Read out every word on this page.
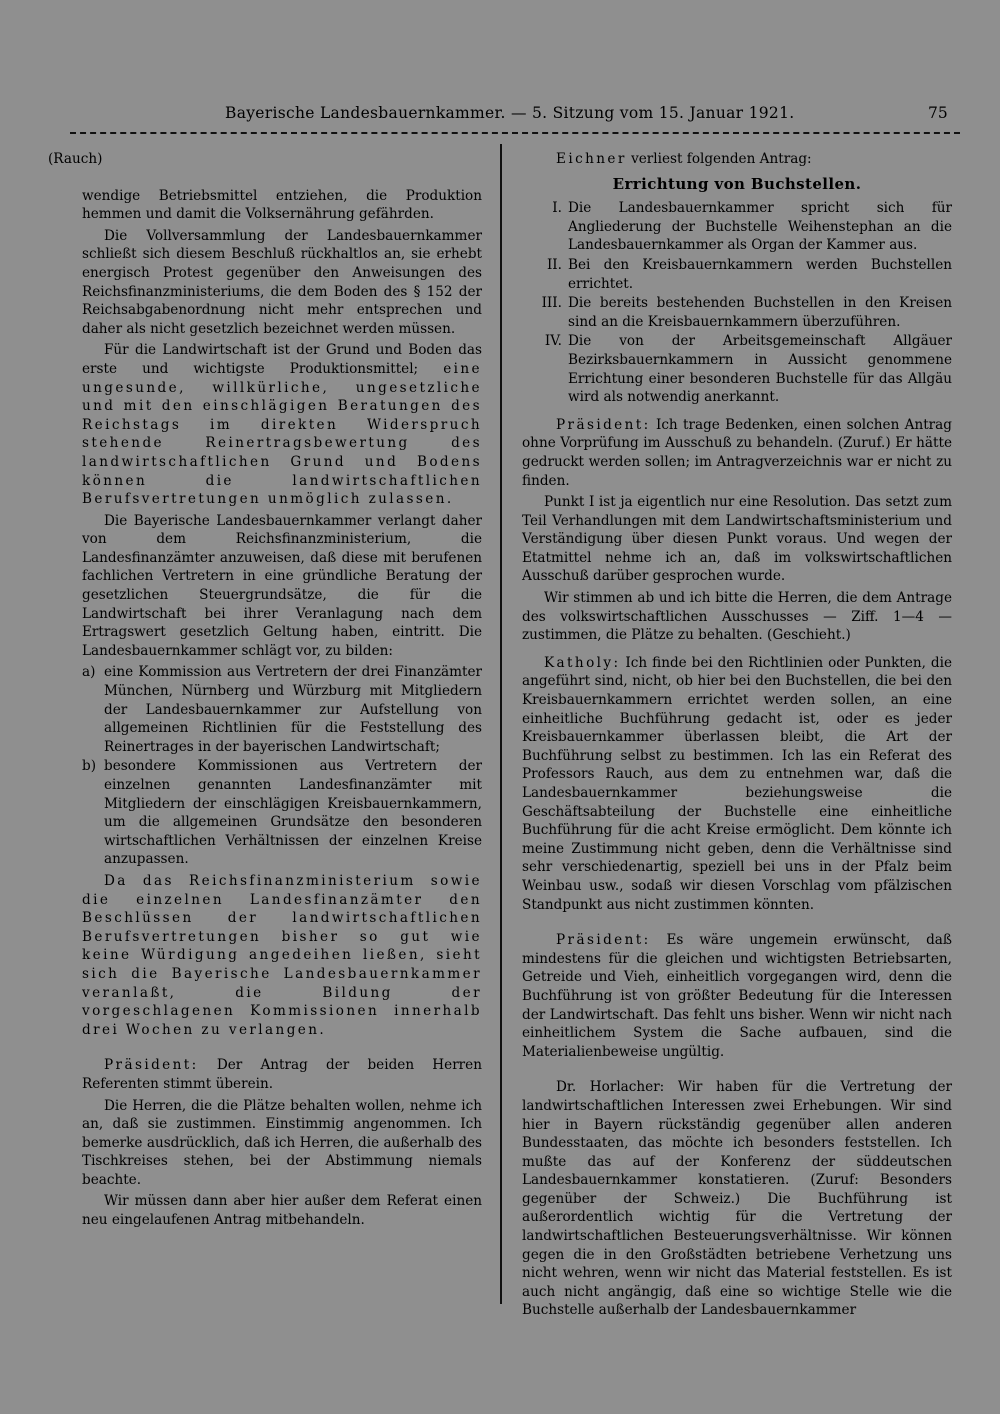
Bayerische Landesbauernkammer. — 5. Sitzung vom 15. Januar 1921.	75

(Rauch)

wendige Betriebsmittel entziehen, die Produktion hemmen und damit die Volksernährung gefährden.

Die Vollversammlung der Landesbauernkammer schließt sich diesem Beschluß rückhaltlos an, sie erhebt energisch Protest gegenüber den Anweisungen des Reichsfinanzministeriums, die dem Boden des § 152 der Reichsabgabenordnung nicht mehr entsprechen und daher als nicht gesetzlich bezeichnet werden müssen.

Für die Landwirtschaft ist der Grund und Boden das erste und wichtigste Produktionsmittel; eine ungesunde, willkürliche, ungesetzliche und mit den einschlägigen Beratungen des Reichstags im direkten Widerspruch stehende Reinertragsbewertung des landwirtschaftlichen Grund und Bodens können die landwirtschaftlichen Berufsvertretungen unmöglich zulassen.

Die Bayerische Landesbauernkammer verlangt daher von dem Reichsfinanzministerium, die Landesfinanzämter anzuweisen, daß diese mit berufenen fachlichen Vertretern in eine gründliche Beratung der gesetzlichen Steuergrundsätze, die für die Landwirtschaft bei ihrer Veranlagung nach dem Ertragswert gesetzlich Geltung haben, eintritt. Die Landesbauernkammer schlägt vor, zu bilden:

a) eine Kommission aus Vertretern der drei Finanzämter München, Nürnberg und Würzburg mit Mitgliedern der Landesbauernkammer zur Aufstellung von allgemeinen Richtlinien für die Feststellung des Reinertrages in der bayerischen Landwirtschaft;
b) besondere Kommissionen aus Vertretern der einzelnen genannten Landesfinanzämter mit Mitgliedern der einschlägigen Kreisbauernkammern, um die allgemeinen Grundsätze den besonderen wirtschaftlichen Verhältnissen der einzelnen Kreise anzupassen.

Da das Reichsfinanzministerium sowie die einzelnen Landesfinanzämter den Beschlüssen der landwirtschaftlichen Berufsvertretungen bisher so gut wie keine Würdigung angedeihen ließen, sieht sich die Bayerische Landesbauernkammer veranlaßt, die Bildung der vorgeschlagenen Kommissionen innerhalb drei Wochen zu verlangen.

Präsident: Der Antrag der beiden Herren Referenten stimmt überein.

Die Herren, die die Plätze behalten wollen, nehme ich an, daß sie zustimmen. Einstimmig angenommen. Ich bemerke ausdrücklich, daß ich Herren, die außerhalb des Tischkreises stehen, bei der Abstimmung niemals beachte.

Wir müssen dann aber hier außer dem Referat einen neu eingelaufenen Antrag mitbehandeln.

Eichner verliest folgenden Antrag:

Errichtung von Buchstellen.
I. Die Landesbauernkammer spricht sich für Angliederung der Buchstelle Weihenstephan an die Landesbauernkammer als Organ der Kammer aus.
II. Bei den Kreisbauernkammern werden Buchstellen errichtet.
III. Die bereits bestehenden Buchstellen in den Kreisen sind an die Kreisbauernkammern überzuführen.
IV. Die von der Arbeitsgemeinschaft Allgäuer Bezirksbauernkammern in Aussicht genommene Errichtung einer besonderen Buchstelle für das Allgäu wird als notwendig anerkannt.

Präsident: Ich trage Bedenken, einen solchen Antrag ohne Vorprüfung im Ausschuß zu behandeln. (Zuruf.) Er hätte gedruckt werden sollen; im Antragverzeichnis war er nicht zu finden.

Punkt I ist ja eigentlich nur eine Resolution. Das setzt zum Teil Verhandlungen mit dem Landwirtschaftsministerium und Verständigung über diesen Punkt voraus. Und wegen der Etatmittel nehme ich an, daß im volkswirtschaftlichen Ausschuß darüber gesprochen wurde.

Wir stimmen ab und ich bitte die Herren, die dem Antrage des volkswirtschaftlichen Ausschusses — Ziff. 1—4 — zustimmen, die Plätze zu behalten. (Geschieht.)

Katholy: Ich finde bei den Richtlinien oder Punkten, die angeführt sind, nicht, ob hier bei den Buchstellen, die bei den Kreisbauernkammern errichtet werden sollen, an eine einheitliche Buchführung gedacht ist, oder es jeder Kreisbauernkammer überlassen bleibt, die Art der Buchführung selbst zu bestimmen. Ich las ein Referat des Professors Rauch, aus dem zu entnehmen war, daß die Landesbauernkammer beziehungsweise die Geschäftsabteilung der Buchstelle eine einheitliche Buchführung für die acht Kreise ermöglicht. Dem könnte ich meine Zustimmung nicht geben, denn die Verhältnisse sind sehr verschiedenartig, speziell bei uns in der Pfalz beim Weinbau usw., sodaß wir diesen Vorschlag vom pfälzischen Standpunkt aus nicht zustimmen könnten.

Präsident: Es wäre ungemein erwünscht, daß mindestens für die gleichen und wichtigsten Betriebsarten, Getreide und Vieh, einheitlich vorgegangen wird, denn die Buchführung ist von größter Bedeutung für die Interessen der Landwirtschaft. Das fehlt uns bisher. Wenn wir nicht nach einheitlichem System die Sache aufbauen, sind die Materialienbeweise ungültig.

Dr. Horlacher: Wir haben für die Vertretung der landwirtschaftlichen Interessen zwei Erhebungen. Wir sind hier in Bayern rückständig gegenüber allen anderen Bundesstaaten, das möchte ich besonders feststellen. Ich mußte das auf der Konferenz der süddeutschen Landesbauernkammer konstatieren. (Zuruf: Besonders gegenüber der Schweiz.) Die Buchführung ist außerordentlich wichtig für die Vertretung der landwirtschaftlichen Besteuerungsverhältnisse. Wir können gegen die in den Großstädten betriebene Verhetzung uns nicht wehren, wenn wir nicht das Material feststellen. Es ist auch nicht angängig, daß eine so wichtige Stelle wie die Buchstelle außerhalb der Landesbauernkammer
